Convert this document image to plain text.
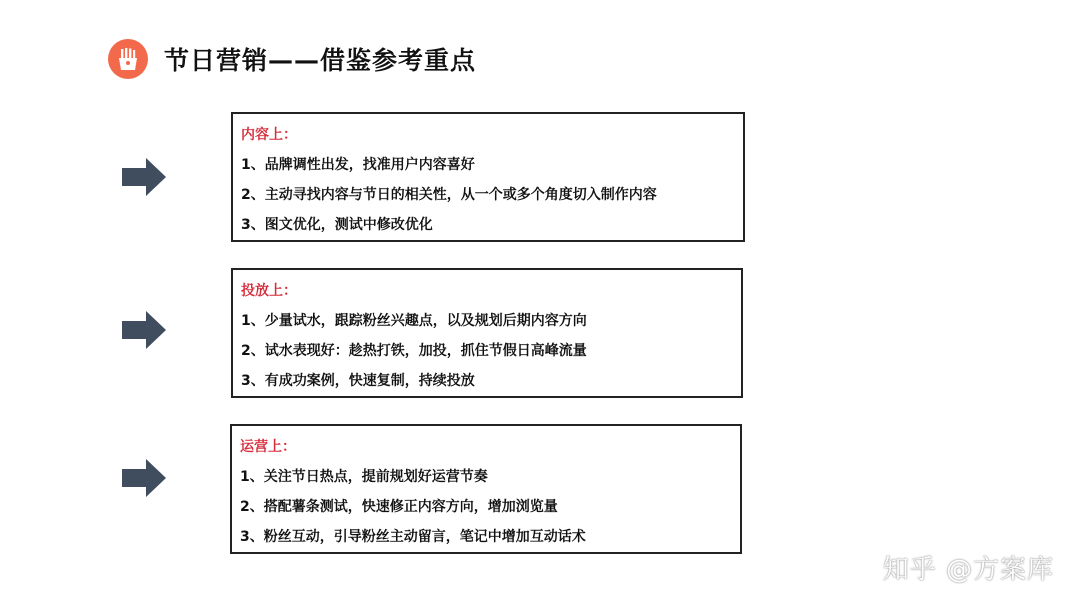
节日营销——借鉴参考重点
内容上：
1、品牌调性出发，找准用户内容喜好
2、主动寻找内容与节日的相关性，从一个或多个角度切入制作内容
3、图文优化，测试中修改优化
投放上：
1、少量试水，跟踪粉丝兴趣点，以及规划后期内容方向
2、试水表现好：趁热打铁，加投，抓住节假日高峰流量
3、有成功案例，快速复制，持续投放
运营上：
1、关注节日热点，提前规划好运营节奏
2、搭配薯条测试，快速修正内容方向，增加浏览量
3、粉丝互动，引导粉丝主动留言，笔记中增加互动话术
知乎 @方案库
